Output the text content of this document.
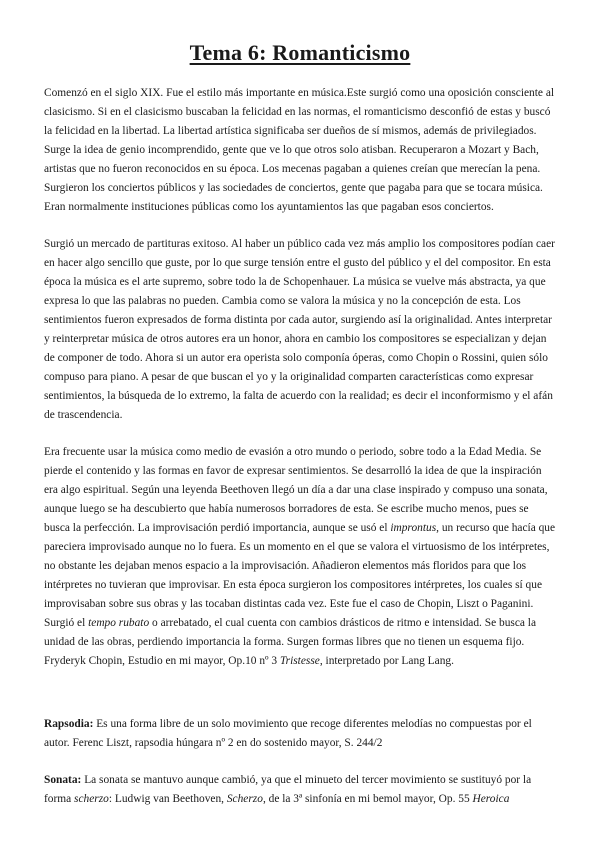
Tema 6: Romanticismo

Comenzó en el siglo XIX. Fue el estilo más importante en música.Este surgió como una oposición consciente al clasicismo. Si en el clasicismo buscaban la felicidad en las normas, el romanticismo desconfió de estas y buscó la felicidad en la libertad. La libertad artística significaba ser dueños de sí mismos, además de privilegiados. Surge la idea de genio incomprendido, gente que ve lo que otros solo atisban. Recuperaron a Mozart y Bach, artistas que no fueron reconocidos en su época. Los mecenas pagaban a quienes creían que merecían la pena. Surgieron los conciertos públicos y las sociedades de conciertos, gente que pagaba para que se tocara música. Eran normalmente instituciones públicas como los ayuntamientos las que pagaban esos conciertos.

Surgió un mercado de partituras exitoso. Al haber un público cada vez más amplio los compositores podían caer en hacer algo sencillo que guste, por lo que surge tensión entre el gusto del público y el del compositor. En esta época la música es el arte supremo, sobre todo la de Schopenhauer. La música se vuelve más abstracta, ya que expresa lo que las palabras no pueden. Cambia como se valora la música y no la concepción de esta. Los sentimientos fueron expresados de forma distinta por cada autor, surgiendo así la originalidad. Antes interpretar y reinterpretar música de otros autores era un honor, ahora en cambio los compositores se especializan y dejan de componer de todo. Ahora si un autor era operista solo componía óperas, como Chopin o Rossini, quien sólo compuso para piano. A pesar de que buscan el yo y la originalidad comparten características como expresar sentimientos, la búsqueda de lo extremo, la falta de acuerdo con la realidad; es decir el inconformismo y el afán de trascendencia.

Era frecuente usar la música como medio de evasión a otro mundo o periodo, sobre todo a la Edad Media. Se pierde el contenido y las formas en favor de expresar sentimientos. Se desarrolló la idea de que la inspiración era algo espiritual. Según una leyenda Beethoven llegó un día a dar una clase inspirado y compuso una sonata, aunque luego se ha descubierto que había numerosos borradores de esta. Se escribe mucho menos, pues se busca la perfección. La improvisación perdió importancia, aunque se usó el improntus, un recurso que hacía que pareciera improvisado aunque no lo fuera. Es un momento en el que se valora el virtuosismo de los intérpretes, no obstante les dejaban menos espacio a la improvisación. Añadieron elementos más floridos para que los intérpretes no tuvieran que improvisar. En esta época surgieron los compositores intérpretes, los cuales sí que improvisaban sobre sus obras y las tocaban distintas cada vez. Este fue el caso de Chopin, Liszt o Paganini. Surgió el tempo rubato o arrebatado, el cual cuenta con cambios drásticos de ritmo e intensidad. Se busca la unidad de las obras, perdiendo importancia la forma. Surgen formas libres que no tienen un esquema fijo. Fryderyk Chopin, Estudio en mi mayor, Op.10 nº 3 Tristesse, interpretado por Lang Lang.

Rapsodia: Es una forma libre de un solo movimiento que recoge diferentes melodías no compuestas por el autor. Ferenc Liszt, rapsodia húngara nº 2 en do sostenido mayor, S. 244/2

Sonata: La sonata se mantuvo aunque cambió, ya que el minueto del tercer movimiento se sustituyó por la forma scherzo: Ludwig van Beethoven, Scherzo, de la 3ª sinfonía en mi bemol mayor, Op. 55 Heroica
